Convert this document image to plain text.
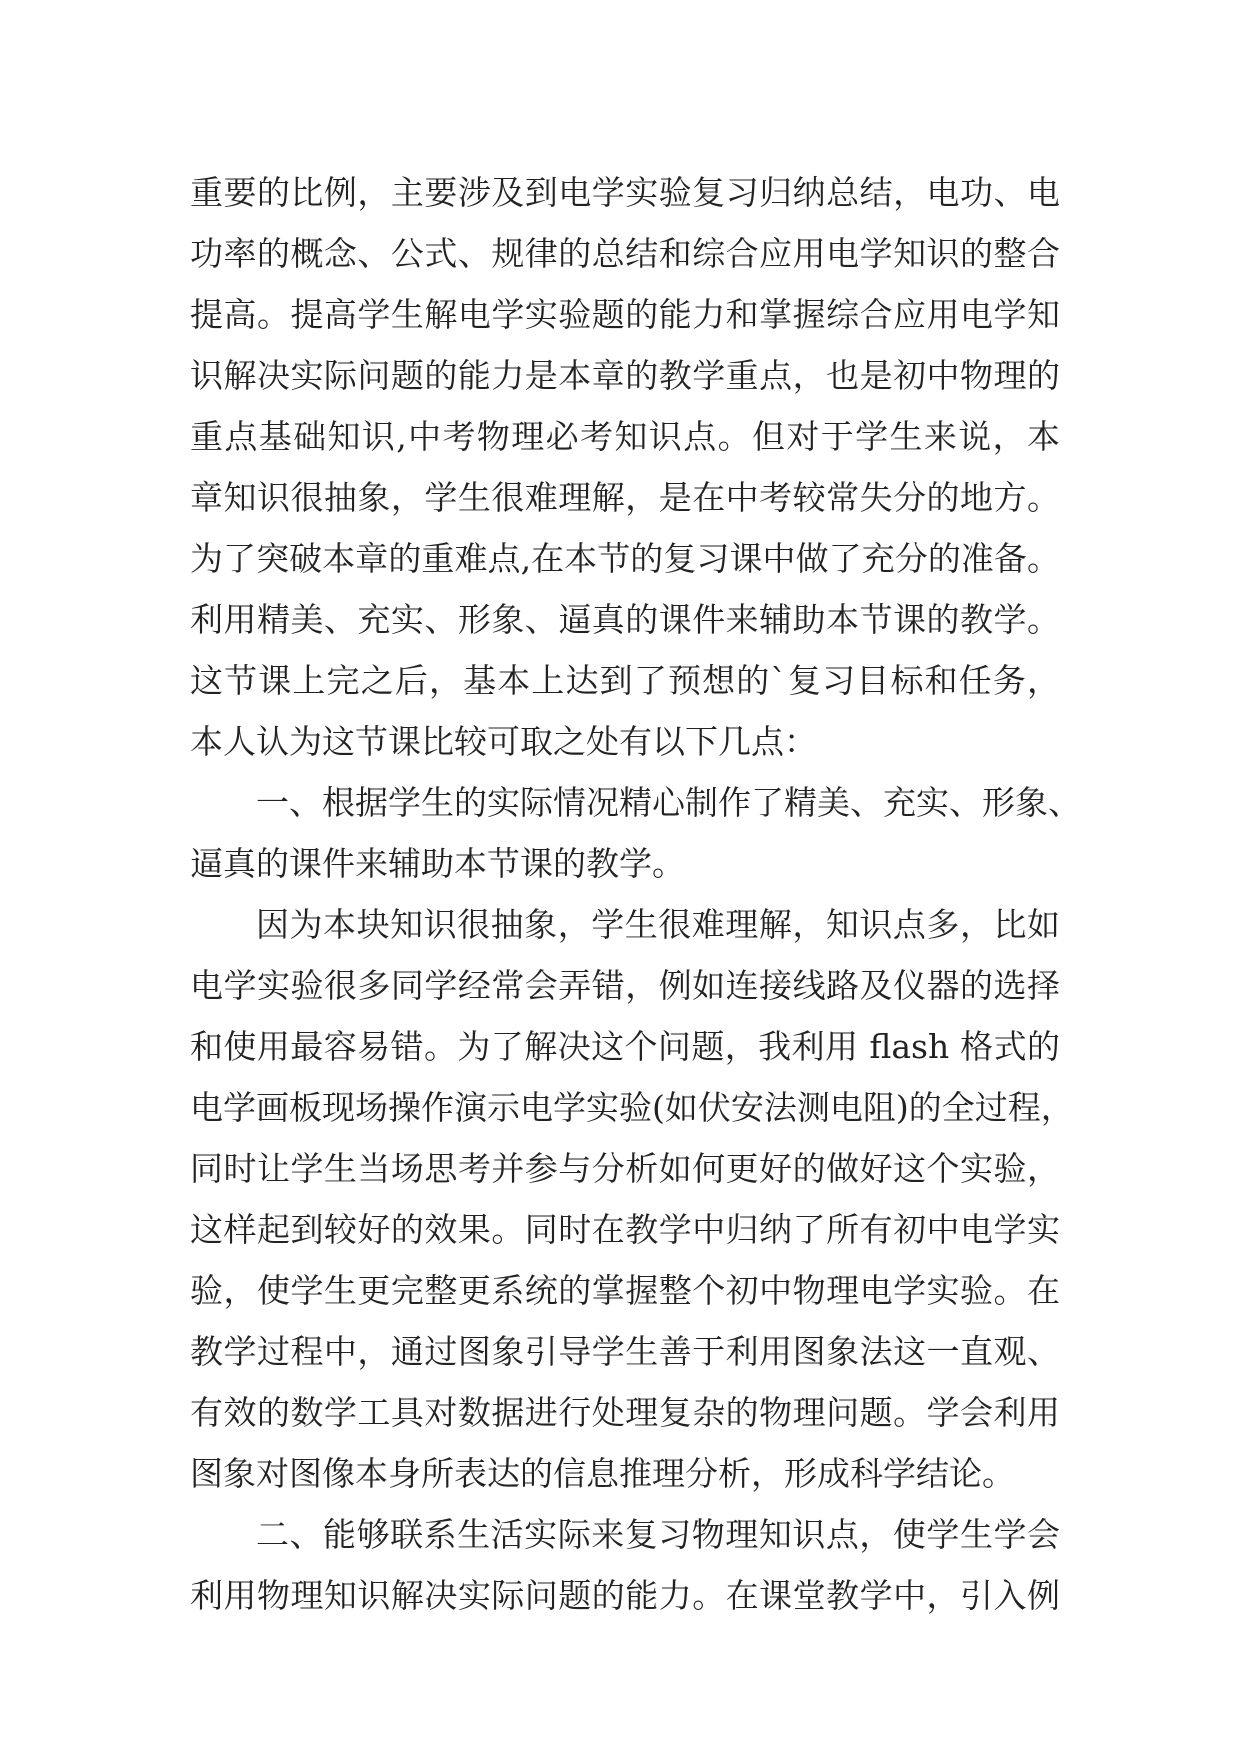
重要的比例，主要涉及到电学实验复习归纳总结，电功、电
功率的概念、公式、规律的总结和综合应用电学知识的整合
提高。提高学生解电学实验题的能力和掌握综合应用电学知
识解决实际问题的能力是本章的教学重点，也是初中物理的
重点基础知识,中考物理必考知识点。但对于学生来说，本
章知识很抽象，学生很难理解，是在中考较常失分的地方。
为了突破本章的重难点,在本节的复习课中做了充分的准备。
利用精美、充实、形象、逼真的课件来辅助本节课的教学。
这节课上完之后，基本上达到了预想的`复习目标和任务，
本人认为这节课比较可取之处有以下几点：
一、根据学生的实际情况精心制作了精美、充实、形象、
逼真的课件来辅助本节课的教学。
因为本块知识很抽象，学生很难理解，知识点多，比如
电学实验很多同学经常会弄错，例如连接线路及仪器的选择
和使用最容易错。为了解决这个问题，我利用 flash 格式的
电学画板现场操作演示电学实验(如伏安法测电阻)的全过程，
同时让学生当场思考并参与分析如何更好的做好这个实验，
这样起到较好的效果。同时在教学中归纳了所有初中电学实
验，使学生更完整更系统的掌握整个初中物理电学实验。在
教学过程中，通过图象引导学生善于利用图象法这一直观、
有效的数学工具对数据进行处理复杂的物理问题。学会利用
图象对图像本身所表达的信息推理分析，形成科学结论。
二、能够联系生活实际来复习物理知识点，使学生学会
利用物理知识解决实际问题的能力。在课堂教学中，引入例
